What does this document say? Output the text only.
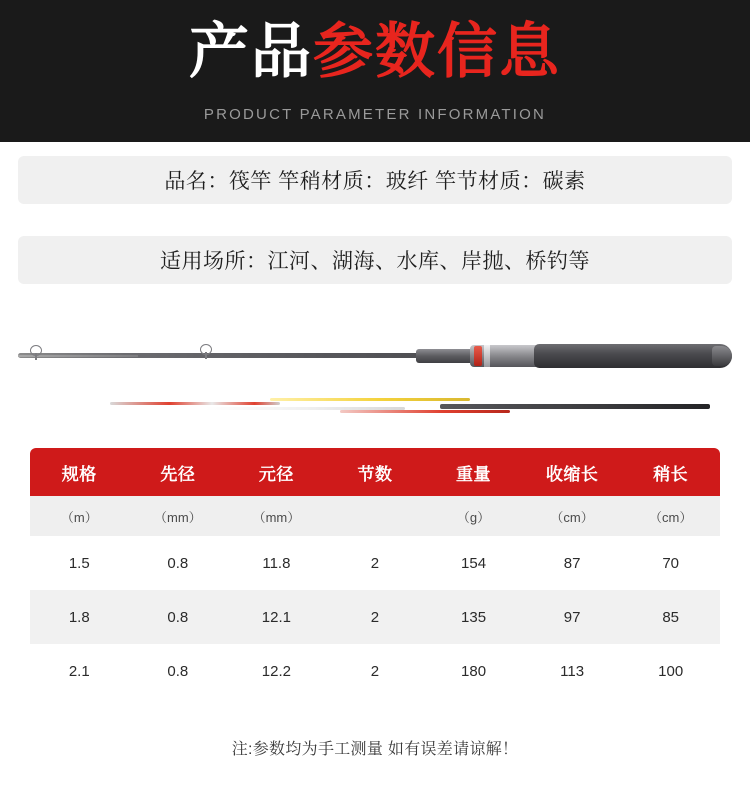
产品参数信息
PRODUCT PARAMETER INFORMATION
品名：筏竿 竿稍材质：玻纤 竿节材质：碳素
适用场所：江河、湖海、水库、岸抛、桥钓等
规格	先径	元径	节数	重量	收缩长	稍长
（m）	（mm）	（mm）		（g）	（cm）	（cm）
1.5	0.8	11.8	2	154	87	70
1.8	0.8	12.1	2	135	97	85
2.1	0.8	12.2	2	180	113	100
注:参数均为手工测量 如有误差请谅解！
